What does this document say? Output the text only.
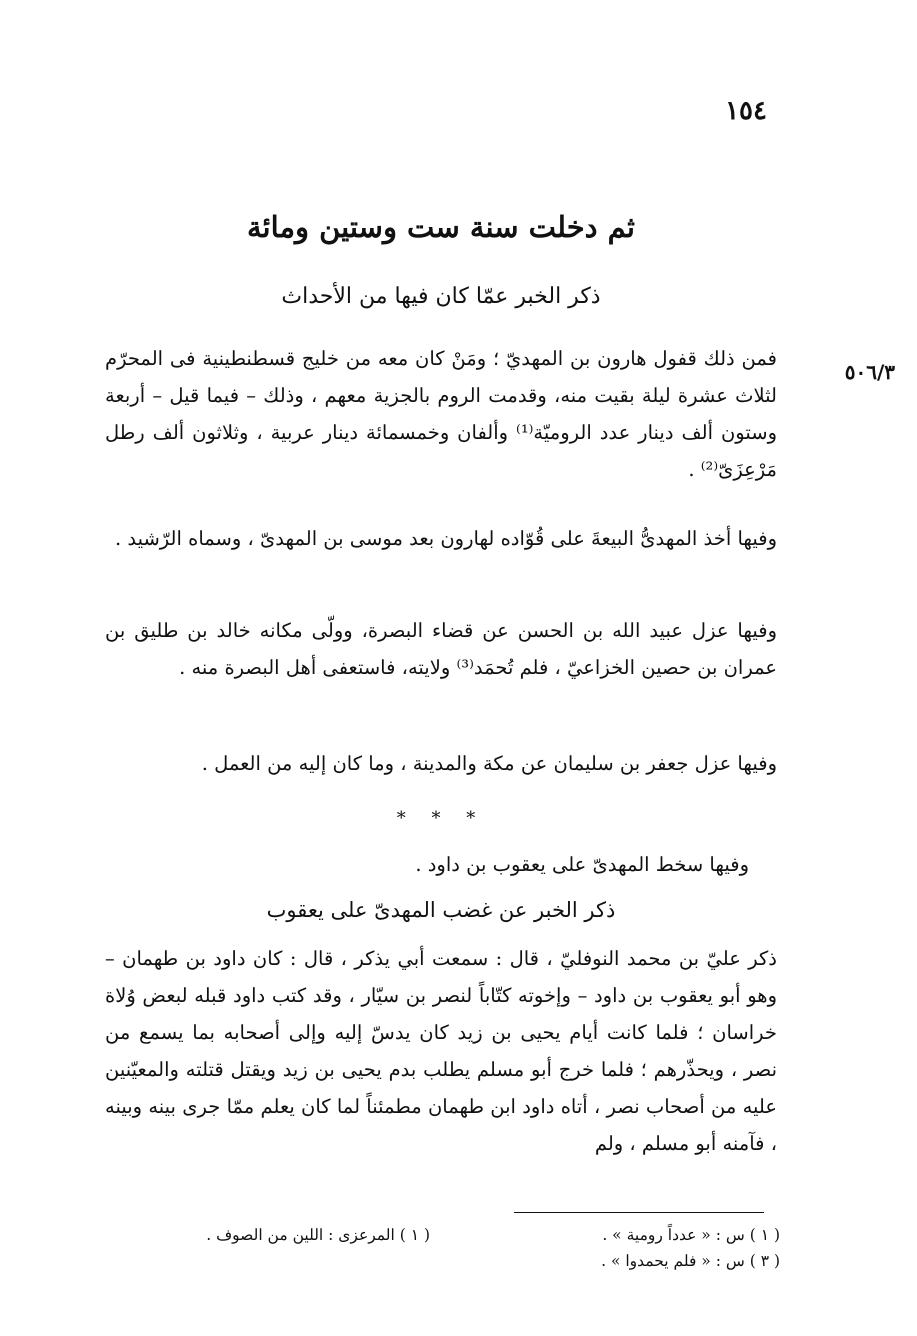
١٥٤
٥٠٦/٣
ثم دخلت سنة ست وستين ومائة
ذكر الخبر عمّا كان فيها من الأحداث

فمن ذلك قفول هارون بن المهديّ ؛ ومَنْ كان معه من خليج قسطنطينية فى المحرّم لثلاث عشرة ليلة بقيت منه، وقدمت الروم بالجزية معهم ، وذلك – فيما قيل – أربعة وستون ألف دينار عدد الروميّة⁽¹⁾ وألفان وخمسمائة دينار عربية ، وثلاثون ألف رطل مَرْعِزَىّ⁽²⁾ .

وفيها أخذ المهدىُّ البيعةَ على قُوّاده لهارون بعد موسى بن المهدىّ ، وسماه الرّشيد .

وفيها عزل عبيد الله بن الحسن عن قضاء البصرة، وولّى مكانه خالد بن طليق بن عمران بن حصين الخزاعيّ ، فلم تُحمَد⁽³⁾ ولايته، فاستعفى أهل البصرة منه .

وفيها عزل جعفر بن سليمان عن مكة والمدينة ، وما كان إليه من العمل .

* * *

وفيها سخط المهدىّ على يعقوب بن داود .

ذكر الخبر عن غضب المهدىّ على يعقوب

ذكر عليّ بن محمد النوفليّ ، قال : سمعت أبي يذكر ، قال : كان داود بن طهمان – وهو أبو يعقوب بن داود – وإخوته كتّاباً لنصر بن سيّار ، وقد كتب داود قبله لبعض وُلاة خراسان ؛ فلما كانت أيام يحيى بن زيد كان يدسّ إليه وإلى أصحابه بما يسمع من نصر ، ويحذّرهم ؛ فلما خرج أبو مسلم يطلب بدم يحيى بن زيد ويقتل قتلته والمعيّنين عليه من أصحاب نصر ، أتاه داود ابن طهمان مطمئناً لما كان يعلم ممّا جرى بينه وبينه ، فآمنه أبو مسلم ، ولم

( ١ ) س : « عدداً رومية » .
( ٣ ) س : « فلم يحمدوا » .
( ١ ) المرعزى : اللين من الصوف .
